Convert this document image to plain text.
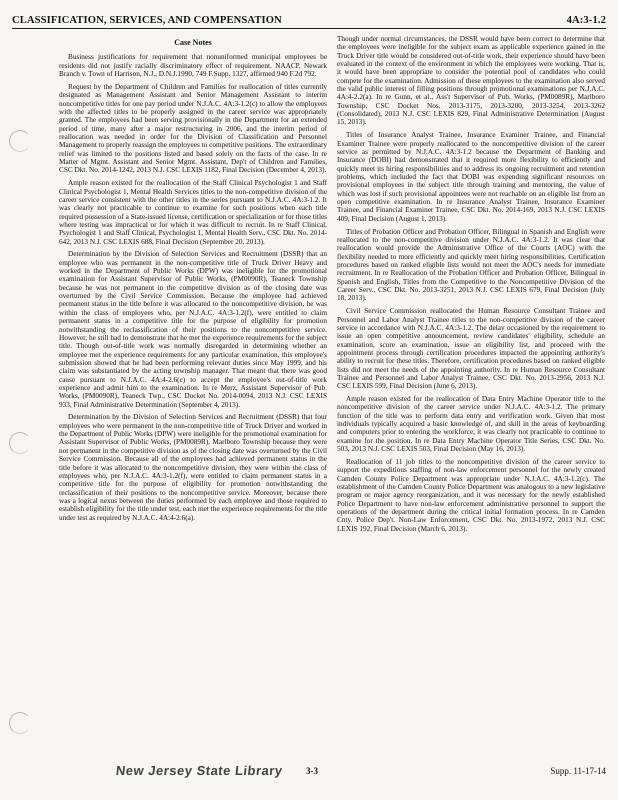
CLASSIFICATION, SERVICES, AND COMPENSATION	4A:3-1.2
Case Notes

Business justifications for requirement that nonuniformed municipal employees be residents did not justify racially discriminatory effect of requirement. NAACP, Newark Branch v. Town of Harrison, N.J., D.N.J.1990, 749 F.Supp. 1327, affirmed 940 F.2d 792.

Request by the Department of Children and Families for reallocation of titles currently designated as Management Assistant and Senior Management Assistant to interim noncompetitive titles for one pay period under N.J.A.C. 4A:3-1.2(c) to allow the employees with the affected titles to be properly assigned in the career service was appropriately granted. The employees had been serving provisionally in the Department for an extended period of time, many after a major restructuring in 2006, and the interim period of reallocation was needed in order for the Division of Classification and Personnel Management to properly reassign the employees to competitive positions. The extraordinary relief was limited to the positions listed and based solely on the facts of the case. In re Matter of Mgmt. Assistant and Senior Mgmt. Assistant, Dep't of Children and Families, CSC Dkt. No. 2014-1242, 2013 N.J. CSC LEXIS 1182, Final Decision (December 4, 2013).

Ample reason existed for the reallocation of the Staff Clinical Psychologist 1 and Staff Clinical Psychologist 1, Mental Health Services titles to the non-competitive division of the career service consistent with the other titles in the series pursuant to N.J.A.C. 4A:3-1.2. It was clearly not practicable to continue to examine for such positions when each title required possession of a State-issued license, certification or specialization or for those titles where testing was impractical or for which it was difficult to recruit. In re Staff Clinical, Psychologist 1 and Staff Clinical, Psychologist 1, Mental Health Serv., CSC Dkt. No. 2014-642, 2013 N.J. CSC LEXIS 688, Final Decision (September 20, 2013).

Determination by the Division of Selection Services and Recruitment (DSSR) that an employee who was permanent in the non-competitive title of Truck Driver Heavy and worked in the Department of Public Works (DPW) was ineligible for the promotional examination for Assistant Supervisor of Public Works, (PM0090R), Teaneck Township because he was not permanent in the competitive division as of the closing date was overturned by the Civil Service Commission. Because the employee had achieved permanent status in the title before it was allocated to the noncompetitive division, he was within the class of employees who, per N.J.A.C. 4A:3-1.2(f), were entitled to claim permanent status in a competitive title for the purpose of eligibility for promotion notwithstanding the reclassification of their positions to the noncompetitive service. However, he still had to demonstrate that he met the experience requirements for the subject title. Though out-of-title work was normally disregarded in determining whether an employee met the experience requirements for any particular examination, this employee's submission showed that he had been performing relevant duties since May 1999, and his claim was substantiated by the acting township manager. That meant that there was good cause pursuant to N.J.A.C. 4A:4-2.6(c) to accept the employee's out-of-title work experience and admit him to the examination. In re Merz, Assistant Supervisor of Pub. Works, (PM0090R), Teaneck Twp., CSC Docket No. 2014-0094, 2013 N.J. CSC LEXIS 933, Final Administrative Determination (September 4, 2013).

Determination by the Division of Selection Services and Recruitment (DSSR) that four employees who were permanent in the non-competitive title of Truck Driver and worked in the Department of Public Works (DPW) were ineligible for the promotional examination for Assistant Supervisor of Public Works, (PM0089R), Marlboro Township because they were not permanent in the competitive division as of the closing date was overturned by the Civil Service Commission. Because all of the employees had achieved permanent status in the title before it was allocated to the noncompetitive division, they were within the class of employees who, per N.J.A.C. 4A:3-1.2(f), were entitled to claim permanent status in a competitive title for the purpose of eligibility for promotion notwithstanding the reclassification of their positions to the noncompetitive service. Moreover, because there was a logical nexus between the duties performed by each employee and those required to establish eligibility for the title under test, each met the experience requirements for the title under test as required by N.J.A.C. 4A:4-2.6(a).

Though under normal circumstances, the DSSR would have been correct to determine that the employees were ineligible for the subject exam as applicable experience gained in the Truck Driver title would be considered out-of-title work, their experience should have been evaluated in the context of the environment in which the employees were working. That is, it would have been appropriate to consider the potential pool of candidates who could compete for the examination. Admission of these employees to the examination also served the valid public interest of filling positions through promotional examinations per N.J.A.C. 4A:4-2.2(a). In re Gunn, et al., Ass't Supervisor of Pub. Works, (PM0089R), Marlboro Township, CSC Docket Nos. 2013-3175, 2013-3200, 2013-3254, 2013-3262 (Consolidated), 2013 N.J. CSC LEXIS 829, Final Administrative Determination (August 15, 2013).

Titles of Insurance Analyst Trainee, Insurance Examiner Trainee, and Financial Examiner Trainee were properly reallocated to the noncompetitive division of the career service as permitted by N.J.A.C. 4A:3-1.2 because the Department of Banking and Insurance (DOBI) had demonstrated that it required more flexibility to efficiently and quickly meet its hiring responsibilities and to address its ongoing recruitment and retention problems, which included the fact that DOBI was expending significant resources on provisional employees in the subject title through training and mentoring, the value of which was lost if such provisional appointees were not reachable on an eligible list from an open competitive examination. In re Insurance Analyst Trainee, Insurance Examiner Trainee, and Financial Examiner Trainee, CSC Dkt. No. 2014-169, 2013 N.J. CSC LEXIS 409, Final Decision (August 1, 2013).

Titles of Probation Officer and Probation Officer, Bilingual in Spanish and English were reallocated to the non-competitive division under N.J.A.C. 4A:3-1.2. It was clear that reallocation would provide the Administrative Office of the Courts (AOC) with the flexibility needed to more efficiently and quickly meet hiring responsibilities. Certification procedures based on ranked eligible lists would not meet the AOC's needs for immediate recruitment. In re Reallocation of the Probation Officer and Probation Officer, Bilingual in Spanish and English, Titles from the Competitive to the Noncompetitive Division of the Career Serv., CSC Dkt. No. 2013-3251, 2013 N.J. CSC LEXIS 679, Final Decision (July 18, 2013).

Civil Service Commission reallocated the Human Resource Consultant Trainee and Personnel and Labor Analyst Trainee titles to the non-competitive division of the career service in accordance with N.J.A.C. 4A:3-1.2. The delay occasioned by the requirement to issue an open competitive announcement, review candidates' eligibility, schedule an examination, score an examination, issue an eligibility list, and proceed with the appointment process through certification procedures impacted the appointing authority's ability to recruit for these titles. Therefore, certification procedures based on ranked eligible lists did not meet the needs of the appointing authority. In re Human Resource Consultant Trainee and Personnel and Labor Analyst Trainee, CSC Dkt. No. 2013-2956, 2013 N.J. CSC LEXIS 599, Final Decision (June 6, 2013).

Ample reason existed for the reallocation of Data Entry Machine Operator title to the noncompetitive division of the career service under N.J.A.C. 4A:3-1.2. The primary function of the title was to perform data entry and verification work. Given that most individuals typically acquired a basic knowledge of, and skill in the areas of keyboarding and computers prior to entering the workforce, it was clearly not practicable to continue to examine for the position. In re Data Entry Machine Operator Title Series, CSC Dkt. No. 503, 2013 N.J. CSC LEXIS 503, Final Decision (May 16, 2013).

Reallocation of 11 job titles to the noncompetitive division of the career service to support the expeditious staffing of non-law enforcement personnel for the newly created Camden County Police Department was appropriate under N.J.A.C. 4A:3-1.2(c). The establishment of the Camden County Police Department was analogous to a new legislative program or major agency reorganization, and it was necessary for the newly established Police Department to have non-law enforcement administrative personnel to support the operations of the department during the critical initial formation process. In re Camden Cnty. Police Dep't. Non-Law Enforcement, CSC Dkt. No. 2013-1972, 2013 N.J. CSC LEXIS 192, Final Decision (March 6, 2013).

New Jersey State Library	3-3	Supp. 11-17-14
